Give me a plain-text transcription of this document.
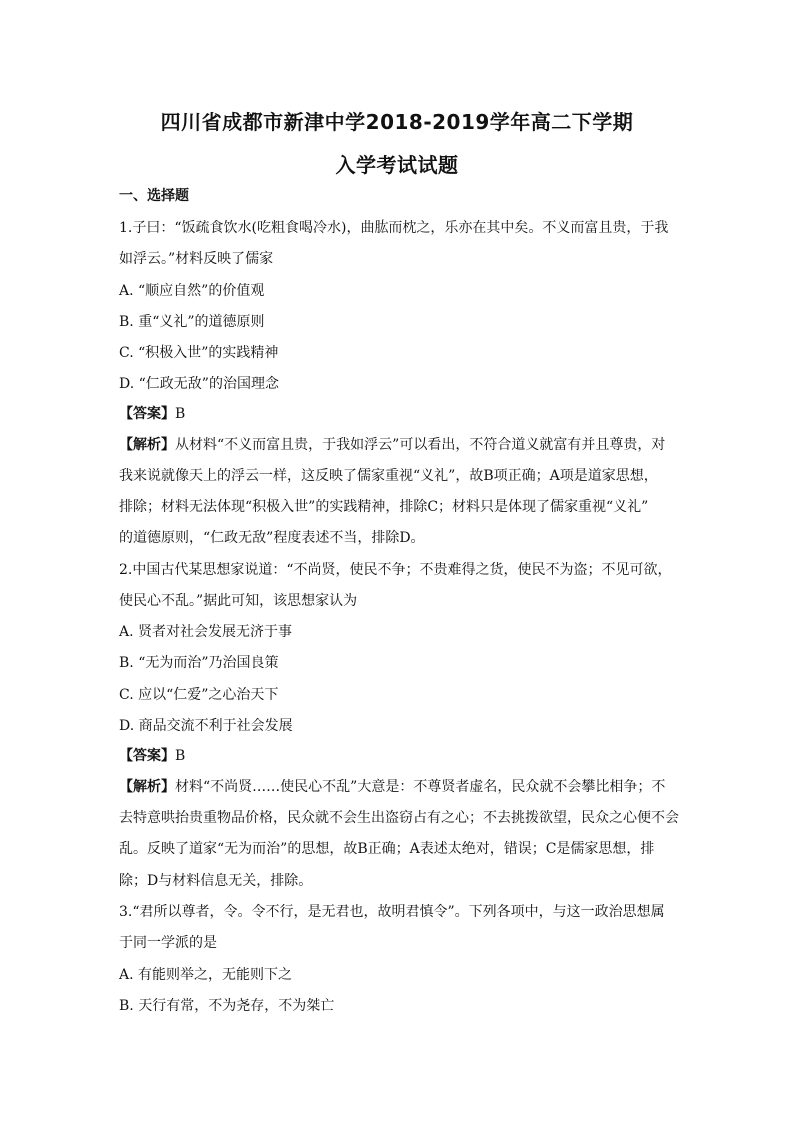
四川省成都市新津中学2018-2019学年高二下学期
入学考试试题
一、选择题
1.子曰：“饭疏食饮水(吃粗食喝冷水)，曲肱而枕之，乐亦在其中矣。不义而富且贵，于我
如浮云。”材料反映了儒家
A. “顺应自然”的价值观
B. 重“义礼”的道德原则
C. “积极入世”的实践精神
D. “仁政无敌”的治国理念
【答案】B
【解析】从材料“不义而富且贵，于我如浮云”可以看出，不符合道义就富有并且尊贵，对
我来说就像天上的浮云一样，这反映了儒家重视“义礼”，故B项正确；A项是道家思想，
排除；材料无法体现“积极入世”的实践精神，排除C；材料只是体现了儒家重视“义礼”
的道德原则，“仁政无敌”程度表述不当，排除D。
2.中国古代某思想家说道：“不尚贤，使民不争；不贵难得之货，使民不为盗；不见可欲，
使民心不乱。”据此可知，该思想家认为
A. 贤者对社会发展无济于事
B. “无为而治”乃治国良策
C. 应以“仁爱”之心治天下
D. 商品交流不利于社会发展
【答案】B
【解析】材料“不尚贤……使民心不乱”大意是：不尊贤者虚名，民众就不会攀比相争；不
去特意哄抬贵重物品价格，民众就不会生出盗窃占有之心；不去挑拨欲望，民众之心便不会
乱。反映了道家“无为而治”的思想，故B正确；A表述太绝对，错误；C是儒家思想，排
除；D与材料信息无关，排除。
3.“君所以尊者，令。令不行，是无君也，故明君慎令”。下列各项中，与这一政治思想属
于同一学派的是
A. 有能则举之，无能则下之
B. 天行有常，不为尧存，不为桀亡
